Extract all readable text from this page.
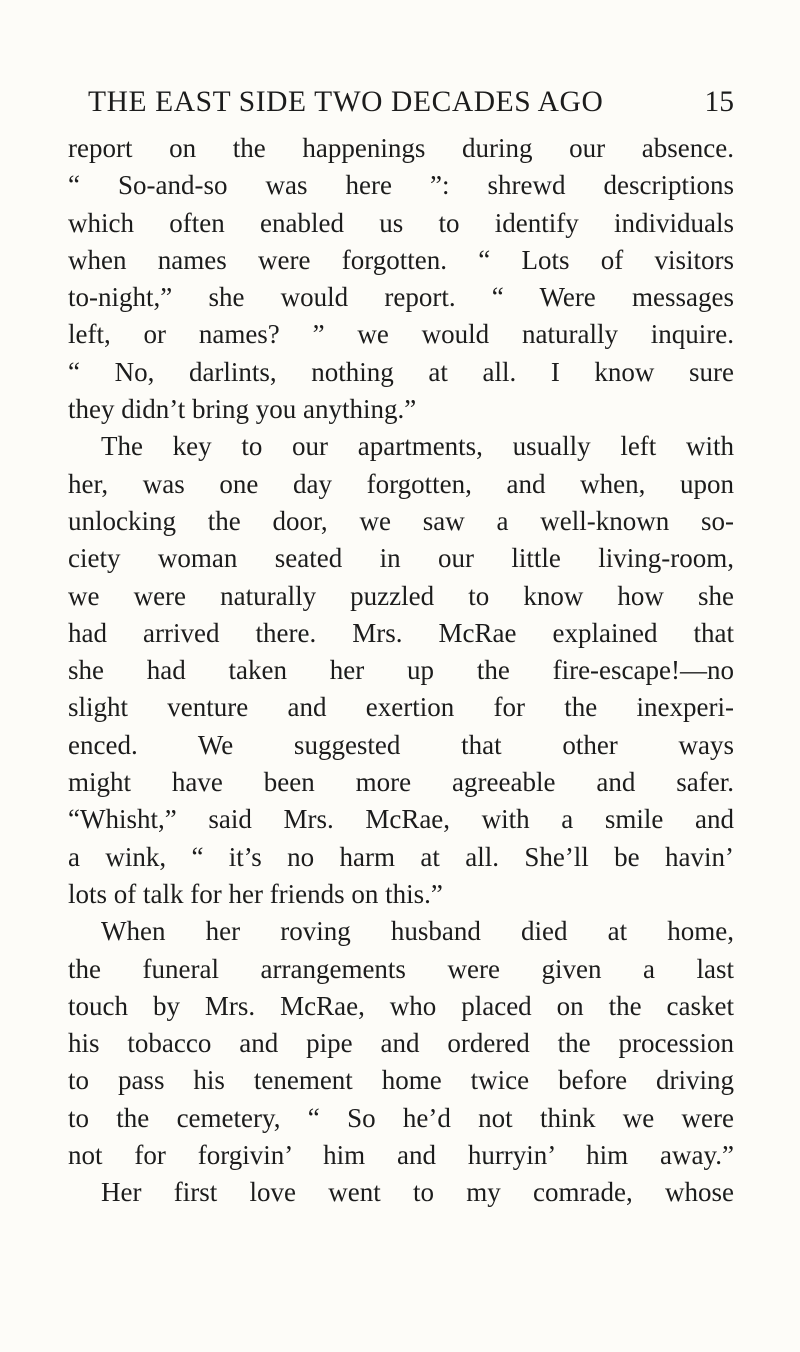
THE EAST SIDE TWO DECADES AGO	15
report on the happenings during our absence.
“ So-and-so was here ”: shrewd descriptions
which often enabled us to identify individuals
when names were forgotten. “ Lots of visitors
to-night,” she would report. “ Were messages
left, or names? ” we would naturally inquire.
“ No, darlints, nothing at all. I know sure
they didn’t bring you anything.”
The key to our apartments, usually left with
her, was one day forgotten, and when, upon
unlocking the door, we saw a well-known so-
ciety woman seated in our little living-room,
we were naturally puzzled to know how she
had arrived there. Mrs. McRae explained that
she had taken her up the fire-escape!—no
slight venture and exertion for the inexperi-
enced. We suggested that other ways
might have been more agreeable and safer.
“Whisht,” said Mrs. McRae, with a smile and
a wink, “ it’s no harm at all. She’ll be havin’
lots of talk for her friends on this.”
When her roving husband died at home,
the funeral arrangements were given a last
touch by Mrs. McRae, who placed on the casket
his tobacco and pipe and ordered the procession
to pass his tenement home twice before driving
to the cemetery, “ So he’d not think we were
not for forgivin’ him and hurryin’ him away.”
Her first love went to my comrade, whose
